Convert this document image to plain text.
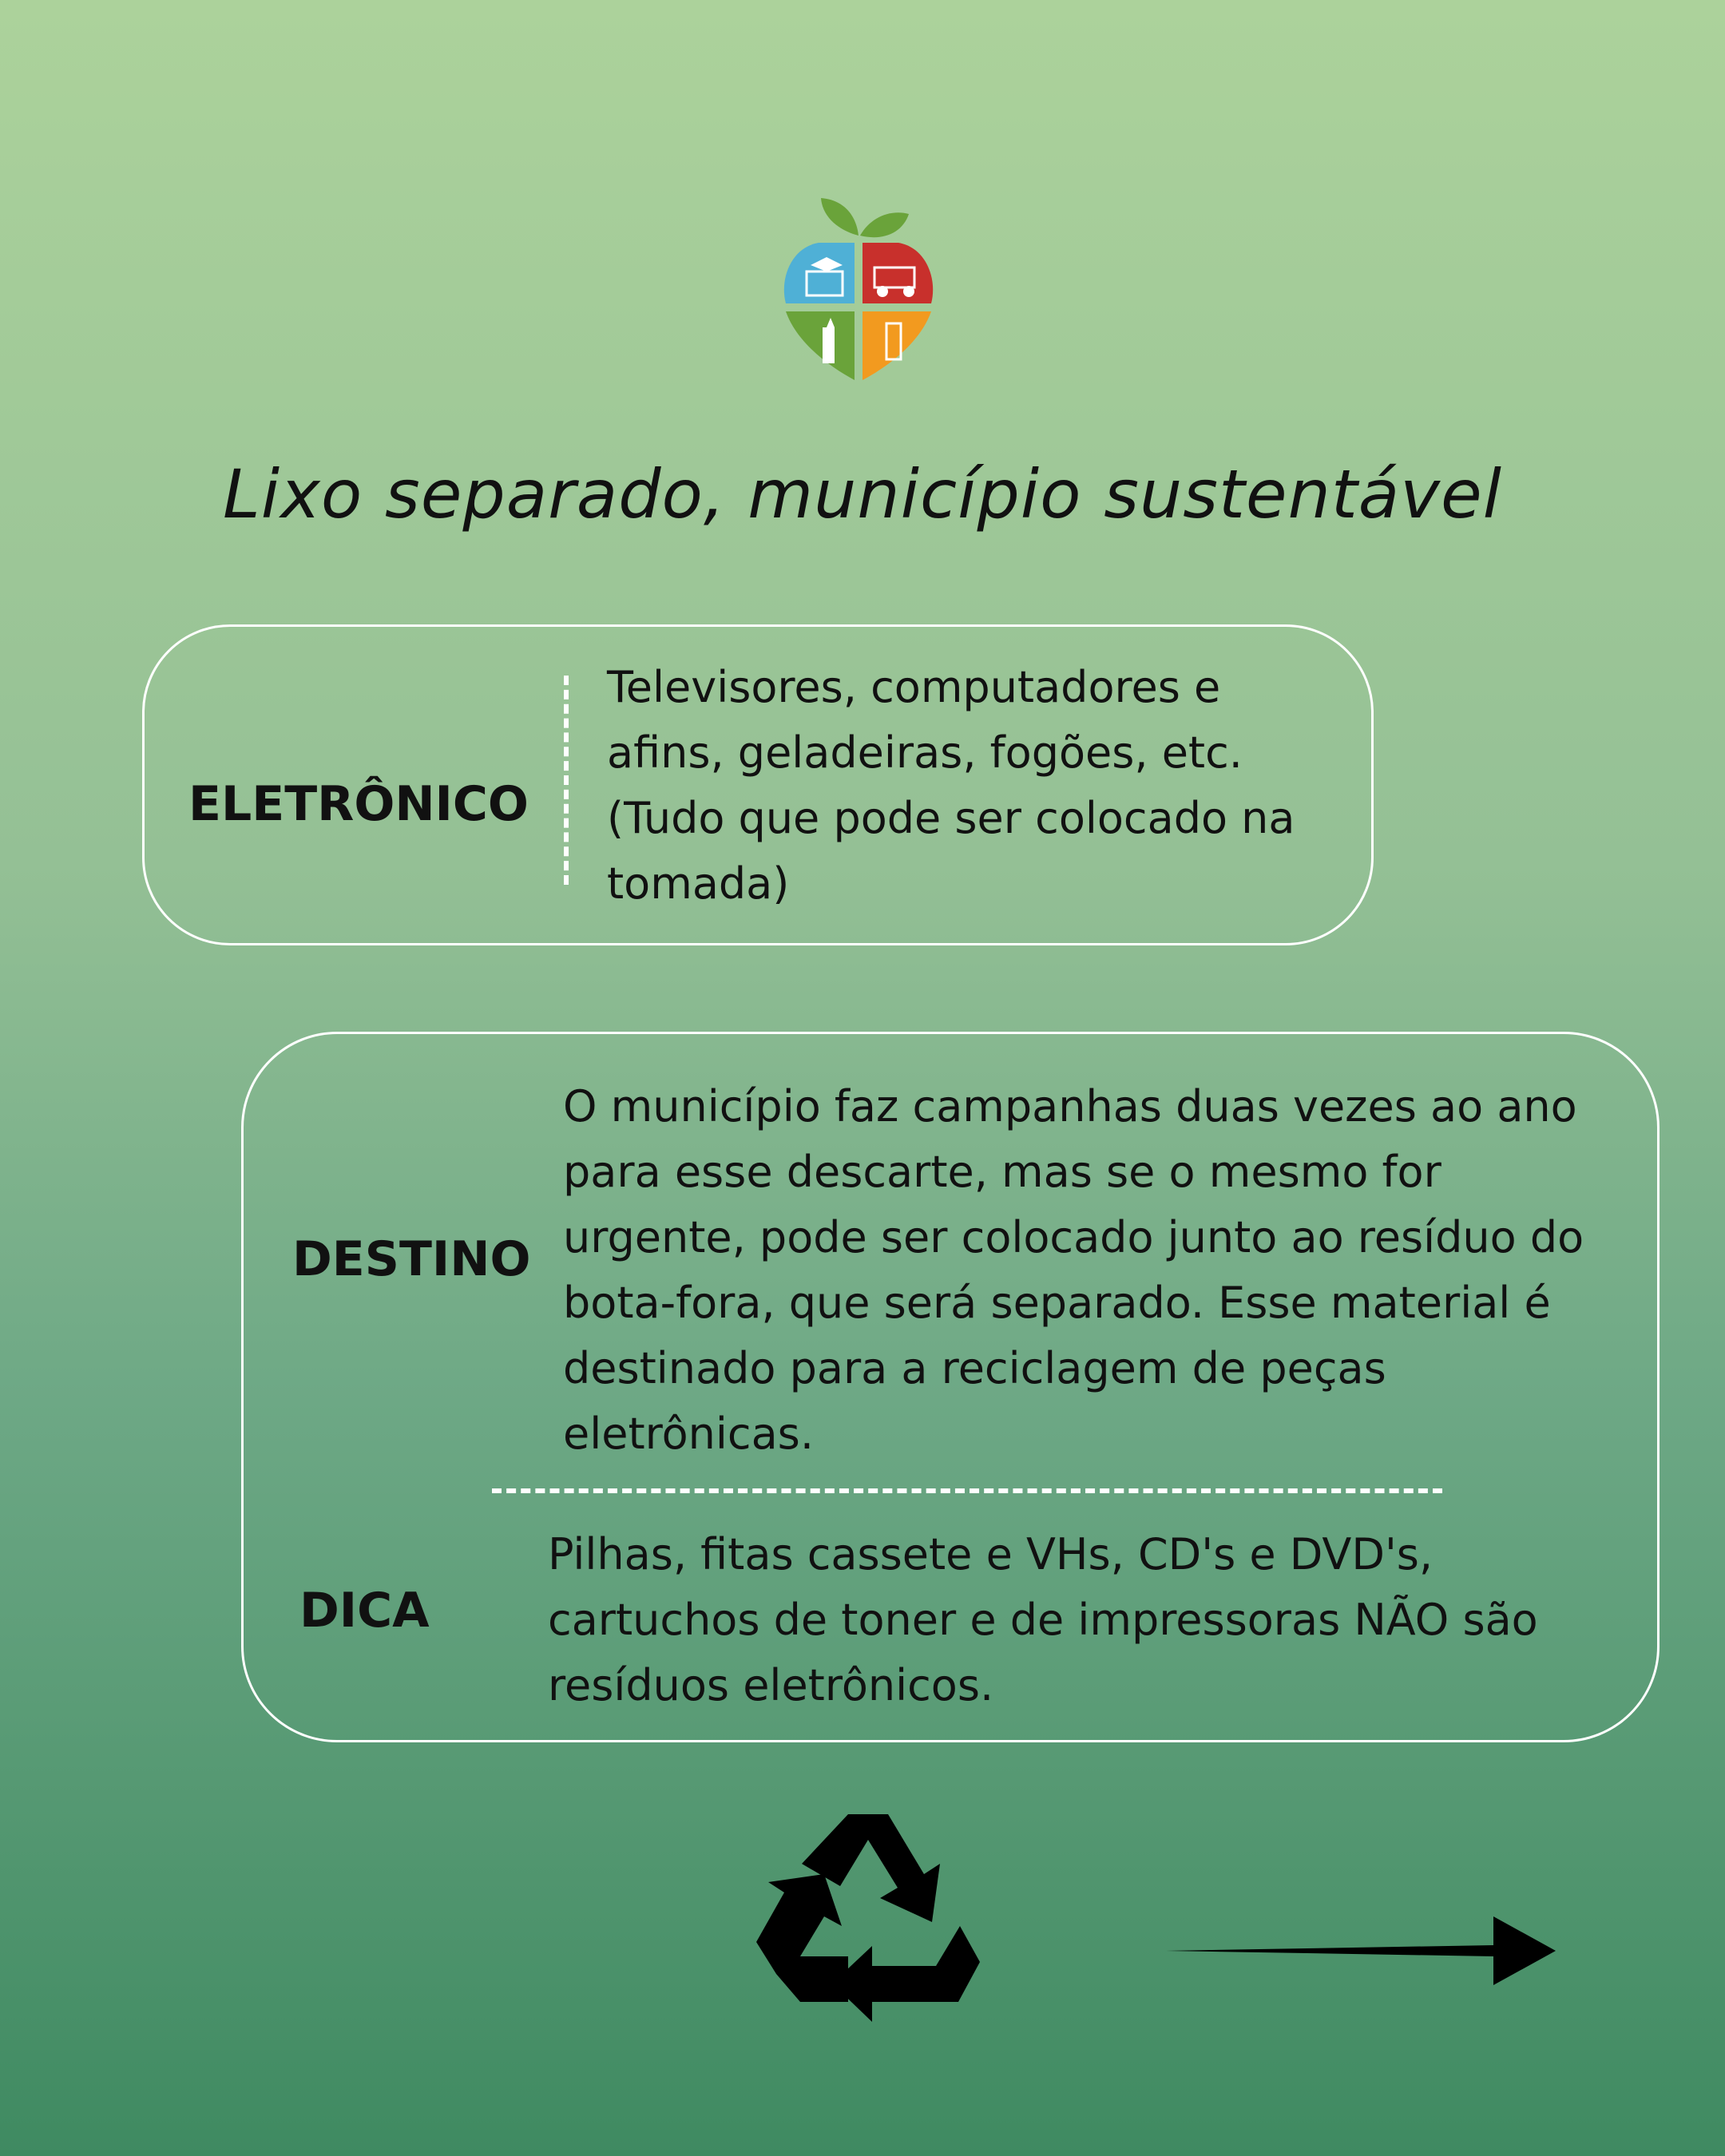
Lixo separado, município sustentável
ELETRÔNICO
Televisores, computadores e afins, geladeiras, fogões, etc. (Tudo que pode ser colocado na tomada)
DESTINO
O município faz campanhas duas vezes ao ano para esse descarte, mas se o mesmo for urgente, pode ser colocado junto ao resíduo do bota-fora, que será separado. Esse material é destinado para a reciclagem de peças eletrônicas.
DICA
Pilhas, fitas cassete e VHs, CD's e DVD's, cartuchos de toner e de impressoras NÃO são resíduos eletrônicos.
